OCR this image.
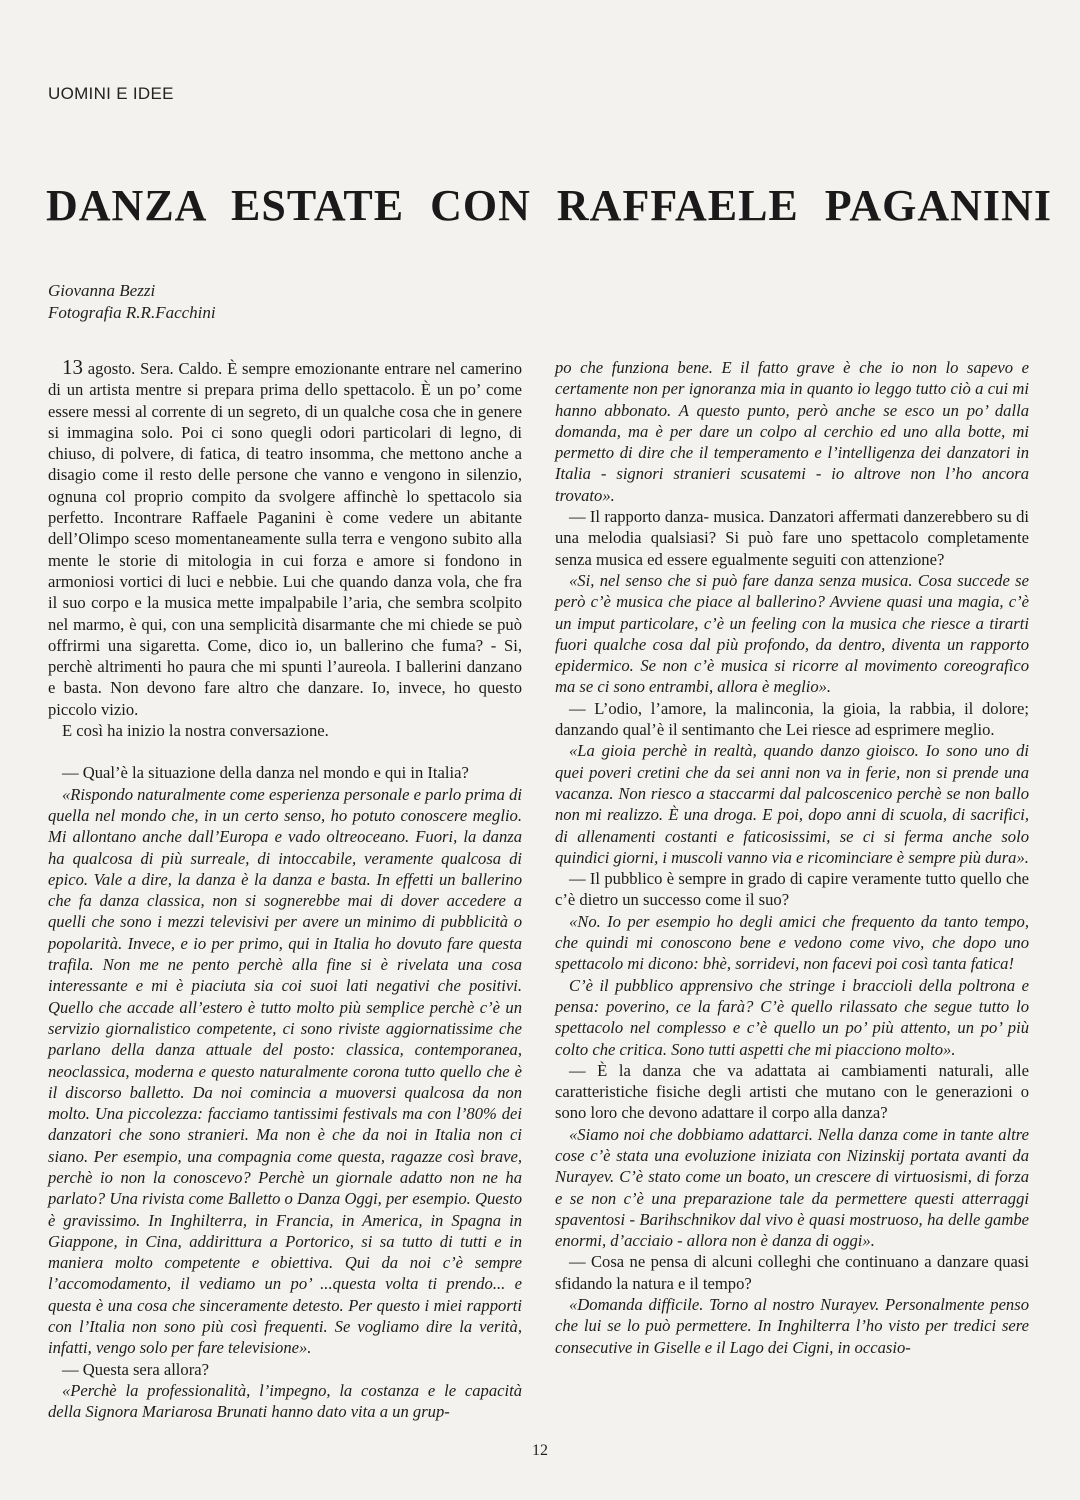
UOMINI E IDEE
DANZA ESTATE CON RAFFAELE PAGANINI
Giovanna Bezzi
Fotografia R.R.Facchini

13 agosto. Sera. Caldo. È sempre emozionante entrare nel camerino di un artista mentre si prepara prima dello spettacolo. È un po’ come essere messi al corrente di un segreto, di un qualche cosa che in genere si immagina solo. Poi ci sono quegli odori particolari di legno, di chiuso, di polvere, di fatica, di teatro insomma, che mettono anche a disagio come il resto delle persone che vanno e vengono in silenzio, ognuna col proprio compito da svolgere affinchè lo spettacolo sia perfetto. Incontrare Raffaele Paganini è come vedere un abitante dell’Olimpo sceso momentaneamente sulla terra e vengono subito alla mente le storie di mitologia in cui forza e amore si fondono in armoniosi vortici di luci e nebbie. Lui che quando danza vola, che fra il suo corpo e la musica mette impalpabile l’aria, che sembra scolpito nel marmo, è qui, con una semplicità disarmante che mi chiede se può offrirmi una sigaretta. Come, dico io, un ballerino che fuma? - Si, perchè altrimenti ho paura che mi spunti l’aureola. I ballerini danzano e basta. Non devono fare altro che danzare. Io, invece, ho questo piccolo vizio.

E così ha inizio la nostra conversazione.

— Qual’è la situazione della danza nel mondo e qui in Italia?

«Rispondo naturalmente come esperienza personale e parlo prima di quella nel mondo che, in un certo senso, ho potuto conoscere meglio. Mi allontano anche dall’Europa e vado oltreoceano. Fuori, la danza ha qualcosa di più surreale, di intoccabile, veramente qualcosa di epico. Vale a dire, la danza è la danza e basta. In effetti un ballerino che fa danza classica, non si sognerebbe mai di dover accedere a quelli che sono i mezzi televisivi per avere un minimo di pubblicità o popolarità. Invece, e io per primo, qui in Italia ho dovuto fare questa trafila. Non me ne pento perchè alla fine si è rivelata una cosa interessante e mi è piaciuta sia coi suoi lati negativi che positivi. Quello che accade all’estero è tutto molto più semplice perchè c’è un servizio giornalistico competente, ci sono riviste aggiornatissime che parlano della danza attuale del posto: classica, contemporanea, neoclassica, moderna e questo naturalmente corona tutto quello che è il discorso balletto. Da noi comincia a muoversi qualcosa da non molto. Una piccolezza: facciamo tantissimi festivals ma con l’80% dei danzatori che sono stranieri. Ma non è che da noi in Italia non ci siano. Per esempio, una compagnia come questa, ragazze così brave, perchè io non la conoscevo? Perchè un giornale adatto non ne ha parlato? Una rivista come Balletto o Danza Oggi, per esempio. Questo è gravissimo. In Inghilterra, in Francia, in America, in Spagna in Giappone, in Cina, addirittura a Portorico, si sa tutto di tutti e in maniera molto competente e obiettiva. Qui da noi c’è sempre l’accomodamento, il vediamo un po’ ...questa volta ti prendo... e questa è una cosa che sinceramente detesto. Per questo i miei rapporti con l’Italia non sono più così frequenti. Se vogliamo dire la verità, infatti, vengo solo per fare televisione».

— Questa sera allora?

«Perchè la professionalità, l’impegno, la costanza e le capacità della Signora Mariarosa Brunati hanno dato vita a un grup-

po che funziona bene. E il fatto grave è che io non lo sapevo e certamente non per ignoranza mia in quanto io leggo tutto ciò a cui mi hanno abbonato. A questo punto, però anche se esco un po’ dalla domanda, ma è per dare un colpo al cerchio ed uno alla botte, mi permetto di dire che il temperamento e l’intelligenza dei danzatori in Italia - signori stranieri scusatemi - io altrove non l’ho ancora trovato».

— Il rapporto danza- musica. Danzatori affermati danzerebbero su di una melodia qualsiasi? Si può fare uno spettacolo completamente senza musica ed essere egualmente seguiti con attenzione?

«Si, nel senso che si può fare danza senza musica. Cosa succede se però c’è musica che piace al ballerino? Avviene quasi una magia, c’è un imput particolare, c’è un feeling con la musica che riesce a tirarti fuori qualche cosa dal più profondo, da dentro, diventa un rapporto epidermico. Se non c’è musica si ricorre al movimento coreografico ma se ci sono entrambi, allora è meglio».

— L’odio, l’amore, la malinconia, la gioia, la rabbia, il dolore; danzando qual’è il sentimanto che Lei riesce ad esprimere meglio.

«La gioia perchè in realtà, quando danzo gioisco. Io sono uno di quei poveri cretini che da sei anni non va in ferie, non si prende una vacanza. Non riesco a staccarmi dal palcoscenico perchè se non ballo non mi realizzo. È una droga. E poi, dopo anni di scuola, di sacrifici, di allenamenti costanti e faticosissimi, se ci si ferma anche solo quindici giorni, i muscoli vanno via e ricominciare è sempre più dura».

— Il pubblico è sempre in grado di capire veramente tutto quello che c’è dietro un successo come il suo?

«No. Io per esempio ho degli amici che frequento da tanto tempo, che quindi mi conoscono bene e vedono come vivo, che dopo uno spettacolo mi dicono: bhè, sorridevi, non facevi poi così tanta fatica!

C’è il pubblico apprensivo che stringe i braccioli della poltrona e pensa: poverino, ce la farà? C’è quello rilassato che segue tutto lo spettacolo nel complesso e c’è quello un po’ più attento, un po’ più colto che critica. Sono tutti aspetti che mi piacciono molto».

— È la danza che va adattata ai cambiamenti naturali, alle caratteristiche fisiche degli artisti che mutano con le generazioni o sono loro che devono adattare il corpo alla danza?

«Siamo noi che dobbiamo adattarci. Nella danza come in tante altre cose c’è stata una evoluzione iniziata con Nizinskij portata avanti da Nurayev. C’è stato come un boato, un crescere di virtuosismi, di forza e se non c’è una preparazione tale da permettere questi atterraggi spaventosi - Barihschnikov dal vivo è quasi mostruoso, ha delle gambe enormi, d’acciaio - allora non è danza di oggi».

— Cosa ne pensa di alcuni colleghi che continuano a danzare quasi sfidando la natura e il tempo?

«Domanda difficile. Torno al nostro Nurayev. Personalmente penso che lui se lo può permettere. In Inghilterra l’ho visto per tredici sere consecutive in Giselle e il Lago dei Cigni, in occasio-

12
